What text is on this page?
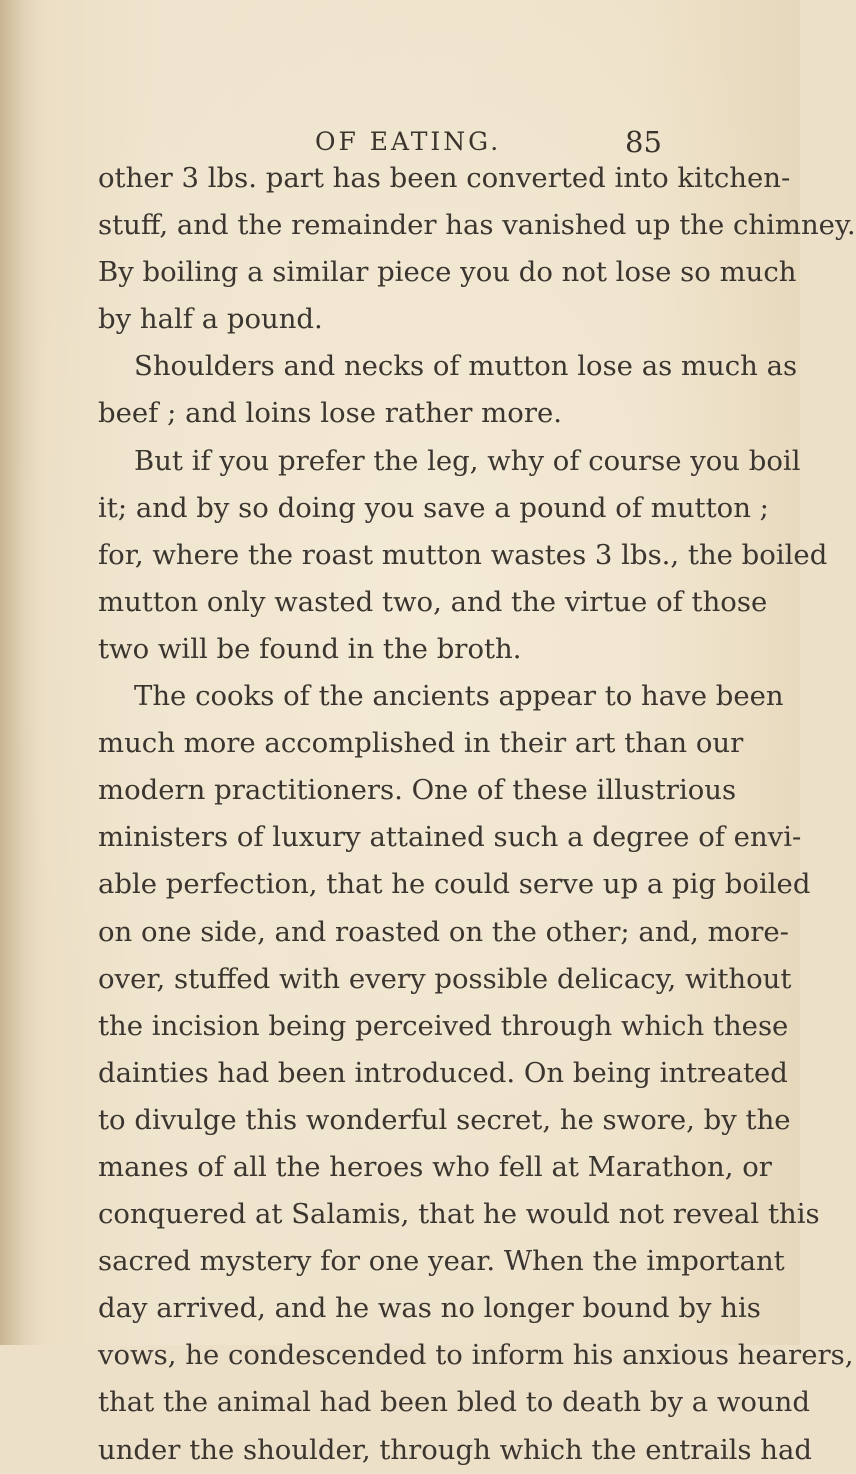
OF EATING.	85
other 3 lbs. part has been converted into kitchen-
stuff, and the remainder has vanished up the chimney.
By boiling a similar piece you do not lose so much
by half a pound.
Shoulders and necks of mutton lose as much as
beef ; and loins lose rather more.
But if you prefer the leg, why of course you boil
it; and by so doing you save a pound of mutton ;
for, where the roast mutton wastes 3 lbs., the boiled
mutton only wasted two, and the virtue of those
two will be found in the broth.
The cooks of the ancients appear to have been
much more accomplished in their art than our
modern practitioners. One of these illustrious
ministers of luxury attained such a degree of envi-
able perfection, that he could serve up a pig boiled
on one side, and roasted on the other; and, more-
over, stuffed with every possible delicacy, without
the incision being perceived through which these
dainties had been introduced. On being intreated
to divulge this wonderful secret, he swore, by the
manes of all the heroes who fell at Marathon, or
conquered at Salamis, that he would not reveal this
sacred mystery for one year. When the important
day arrived, and he was no longer bound by his
vows, he condescended to inform his anxious hearers,
that the animal had been bled to death by a wound
under the shoulder, through which the entrails had
